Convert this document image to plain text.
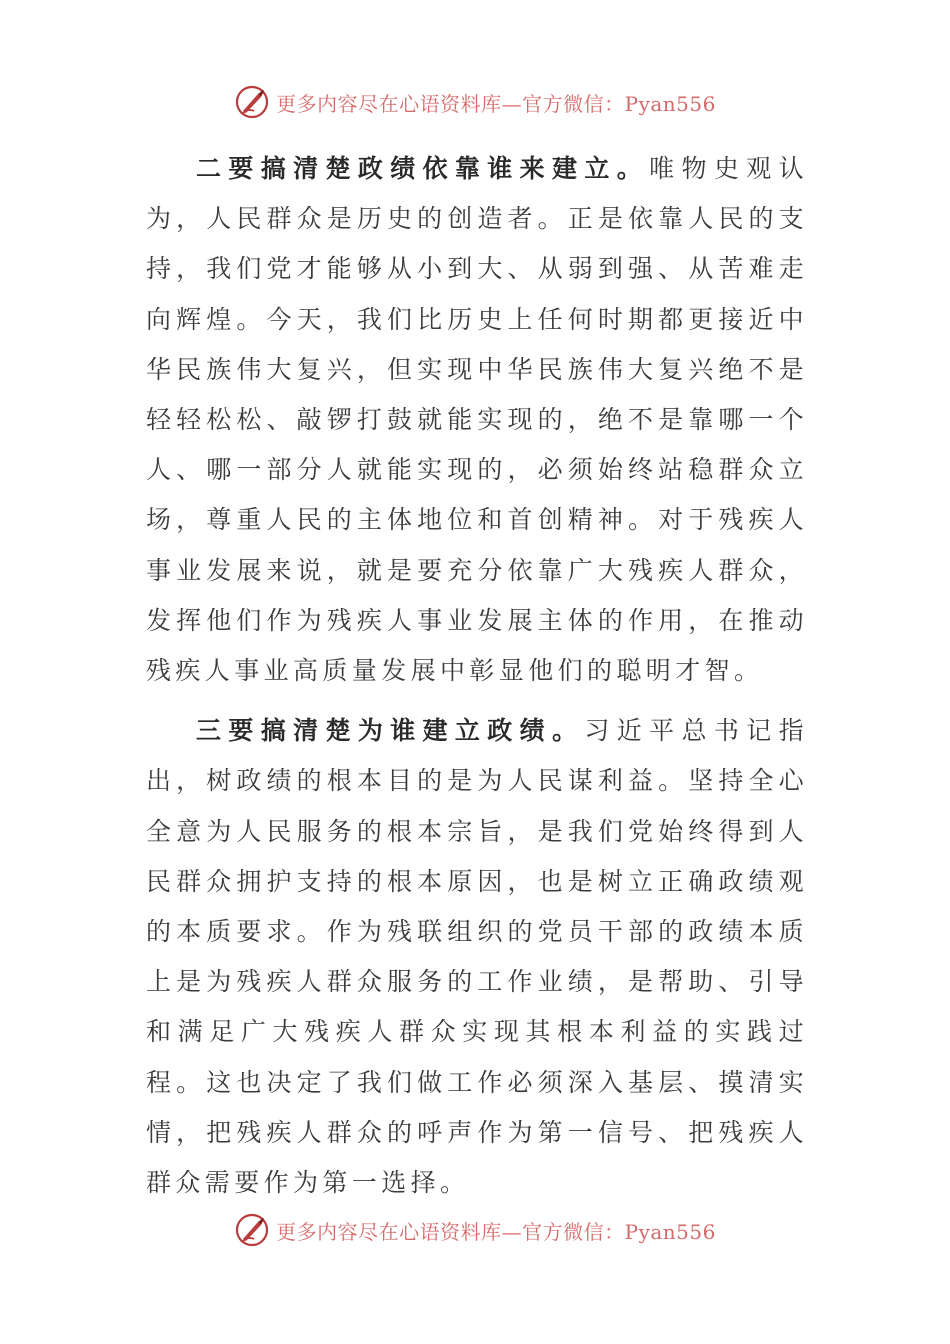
更多内容尽在心语资料库—官方微信：Pyan556

二要搞清楚政绩依靠谁来建立。唯物史观认为，人民群众是历史的创造者。正是依靠人民的支持，我们党才能够从小到大、从弱到强、从苦难走向辉煌。今天，我们比历史上任何时期都更接近中华民族伟大复兴，但实现中华民族伟大复兴绝不是轻轻松松、敲锣打鼓就能实现的，绝不是靠哪一个人、哪一部分人就能实现的，必须始终站稳群众立场，尊重人民的主体地位和首创精神。对于残疾人事业发展来说，就是要充分依靠广大残疾人群众，发挥他们作为残疾人事业发展主体的作用，在推动残疾人事业高质量发展中彰显他们的聪明才智。

三要搞清楚为谁建立政绩。习近平总书记指出，树政绩的根本目的是为人民谋利益。坚持全心全意为人民服务的根本宗旨，是我们党始终得到人民群众拥护支持的根本原因，也是树立正确政绩观的本质要求。作为残联组织的党员干部的政绩本质上是为残疾人群众服务的工作业绩，是帮助、引导和满足广大残疾人群众实现其根本利益的实践过程。这也决定了我们做工作必须深入基层、摸清实情，把残疾人群众的呼声作为第一信号、把残疾人群众需要作为第一选择。

更多内容尽在心语资料库—官方微信：Pyan556
